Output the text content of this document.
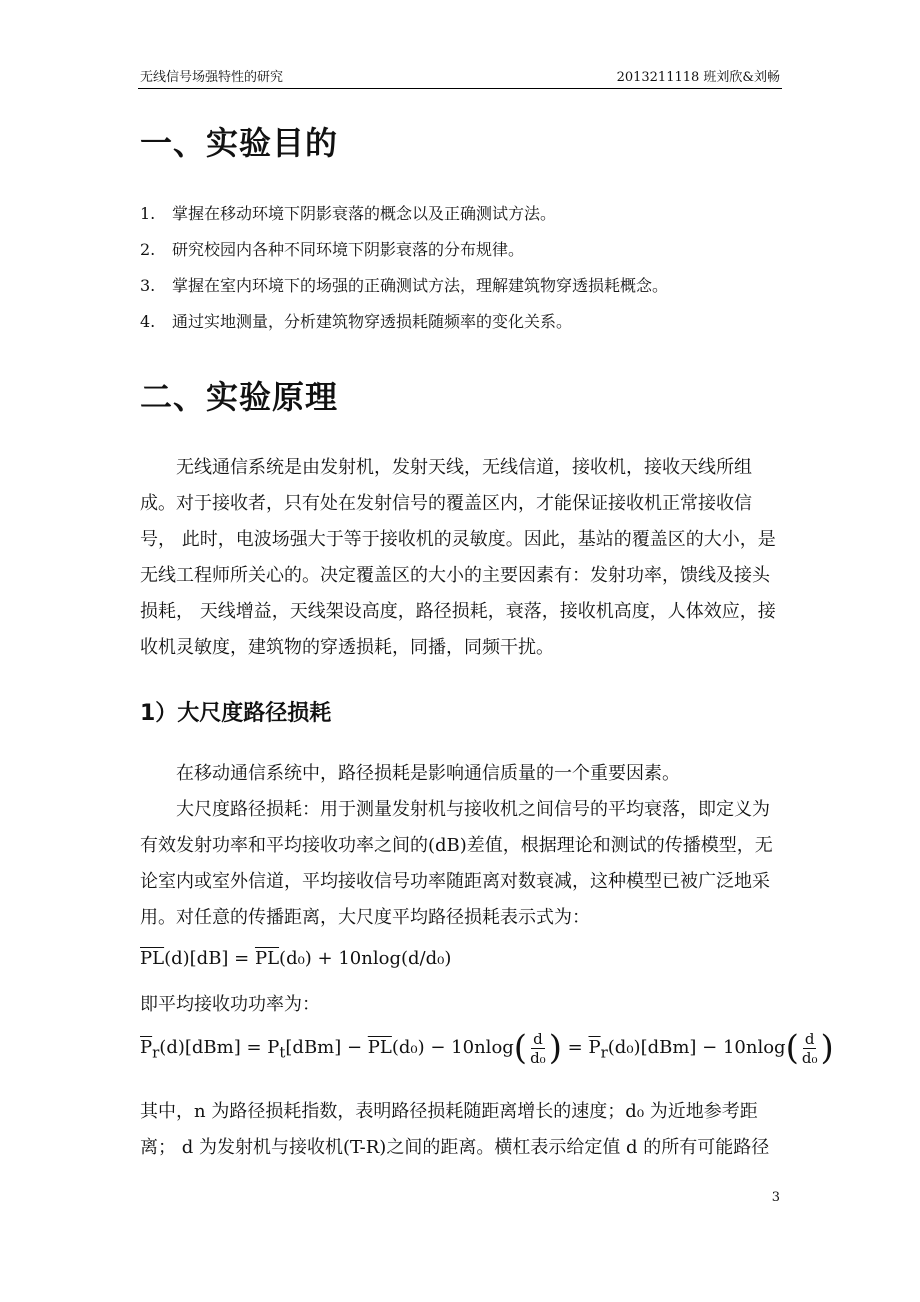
无线信号场强特性的研究	2013211118 班刘欣&刘畅
一、实验目的
1. 掌握在移动环境下阴影衰落的概念以及正确测试方法。
2. 研究校园内各种不同环境下阴影衰落的分布规律。
3. 掌握在室内环境下的场强的正确测试方法，理解建筑物穿透损耗概念。
4. 通过实地测量，分析建筑物穿透损耗随频率的变化关系。
二、实验原理

无线通信系统是由发射机，发射天线，无线信道，接收机，接收天线所组成。对于接收者，只有处在发射信号的覆盖区内，才能保证接收机正常接收信号， 此时，电波场强大于等于接收机的灵敏度。因此，基站的覆盖区的大小，是无线工程师所关心的。决定覆盖区的大小的主要因素有：发射功率，馈线及接头损耗， 天线增益，天线架设高度，路径损耗，衰落，接收机高度，人体效应，接收机灵敏度，建筑物的穿透损耗，同播，同频干扰。

1）大尺度路径损耗

在移动通信系统中，路径损耗是影响通信质量的一个重要因素。

大尺度路径损耗：用于测量发射机与接收机之间信号的平均衰落，即定义为有效发射功率和平均接收功率之间的(dB)差值，根据理论和测试的传播模型，无论室内或室外信道，平均接收信号功率随距离对数衰减，这种模型已被广泛地采用。对任意的传播距离，大尺度平均路径损耗表示式为：

$\overline{PL}(d)[dB] = \overline{PL}(d_0) + 10nlog(d/d_0)$
即平均接收功功率为：
$\overline{P}_r(d)[dBm] = P_t[dBm] - \overline{PL}(d_0) - 10nlog( \frac{d}{\text{d₀}}$ ) = $\overline{P}_r(d_0)[dBm] - 10nlog( \frac{d}{\text{d₀}}$ )

其中，n 为路径损耗指数，表明路径损耗随距离增长的速度；d₀ 为近地参考距离； d 为发射机与接收机(T-R)之间的距离。横杠表示给定值 d 的所有可能路径

3
